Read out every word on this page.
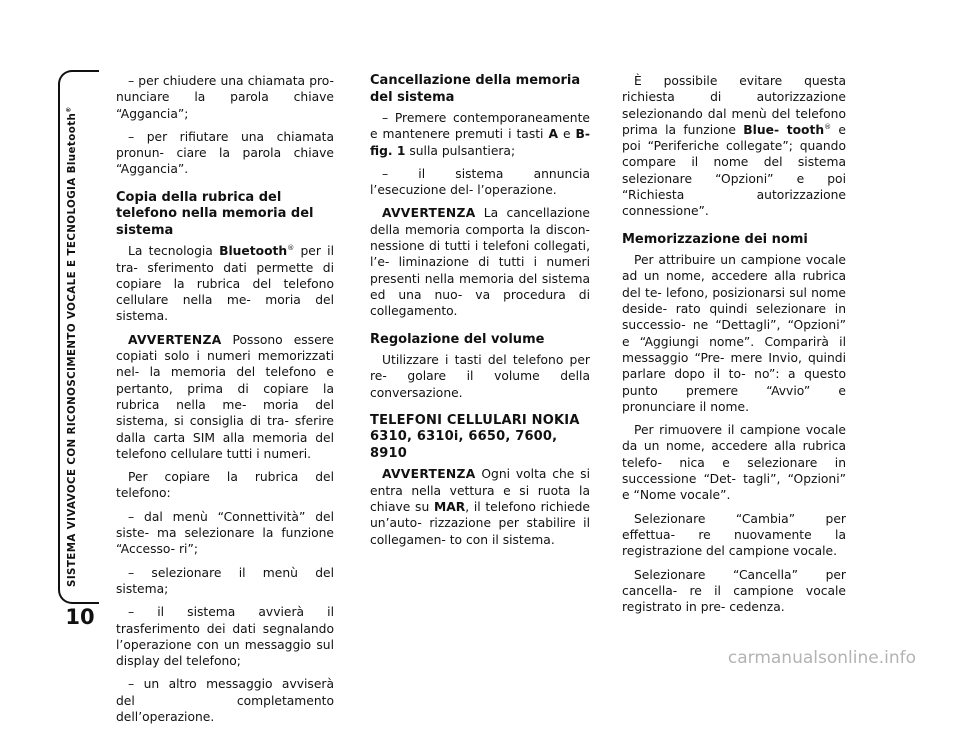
SISTEMA VIVAVOCE CON RICONOSCIMENTO VOCALE E TECNOLOGIA Bluetooth®
10

– per chiudere una chiamata pro- nunciare la parola chiave “Aggancia”;

– per rifiutare una chiamata pronun- ciare la parola chiave “Aggancia”.

Copia della rubrica del telefono nella memoria del sistema

La tecnologia Bluetooth® per il tra- sferimento dati permette di copiare la rubrica del telefono cellulare nella me- moria del sistema.

AVVERTENZA Possono essere copiati solo i numeri memorizzati nel- la memoria del telefono e pertanto, prima di copiare la rubrica nella me- moria del sistema, si consiglia di tra- sferire dalla carta SIM alla memoria del telefono cellulare tutti i numeri.

Per copiare la rubrica del telefono:

– dal menù “Connettività” del siste- ma selezionare la funzione “Accesso- ri”;

– selezionare il menù del sistema;

– il sistema avvierà il trasferimento dei dati segnalando l’operazione con un messaggio sul display del telefono;

– un altro messaggio avviserà del completamento dell’operazione.

Cancellazione della memoria del sistema

– Premere contemporaneamente e mantenere premuti i tasti A e B- fig. 1 sulla pulsantiera;

– il sistema annuncia l’esecuzione del- l’operazione.

AVVERTENZA La cancellazione della memoria comporta la discon- nessione di tutti i telefoni collegati, l’e- liminazione di tutti i numeri presenti nella memoria del sistema ed una nuo- va procedura di collegamento.

Regolazione del volume

Utilizzare i tasti del telefono per re- golare il volume della conversazione.

TELEFONI CELLULARI NOKIA 6310, 6310i, 6650, 7600, 8910

AVVERTENZA Ogni volta che si entra nella vettura e si ruota la chiave su MAR, il telefono richiede un’auto- rizzazione per stabilire il collegamen- to con il sistema.

È possibile evitare questa richiesta di autorizzazione selezionando dal menù del telefono prima la funzione Blue- tooth® e poi “Periferiche collegate”; quando compare il nome del sistema selezionare “Opzioni” e poi “Richiesta autorizzazione connessione”.

Memorizzazione dei nomi

Per attribuire un campione vocale ad un nome, accedere alla rubrica del te- lefono, posizionarsi sul nome deside- rato quindi selezionare in successio- ne “Dettagli”, “Opzioni” e “Aggiungi nome”. Comparirà il messaggio “Pre- mere Invio, quindi parlare dopo il to- no”: a questo punto premere “Avvio” e pronunciare il nome.

Per rimuovere il campione vocale da un nome, accedere alla rubrica telefo- nica e selezionare in successione “Det- tagli”, “Opzioni” e “Nome vocale”.

Selezionare “Cambia” per effettua- re nuovamente la registrazione del campione vocale.

Selezionare “Cancella” per cancella- re il campione vocale registrato in pre- cedenza.

carmanualsonline.info
